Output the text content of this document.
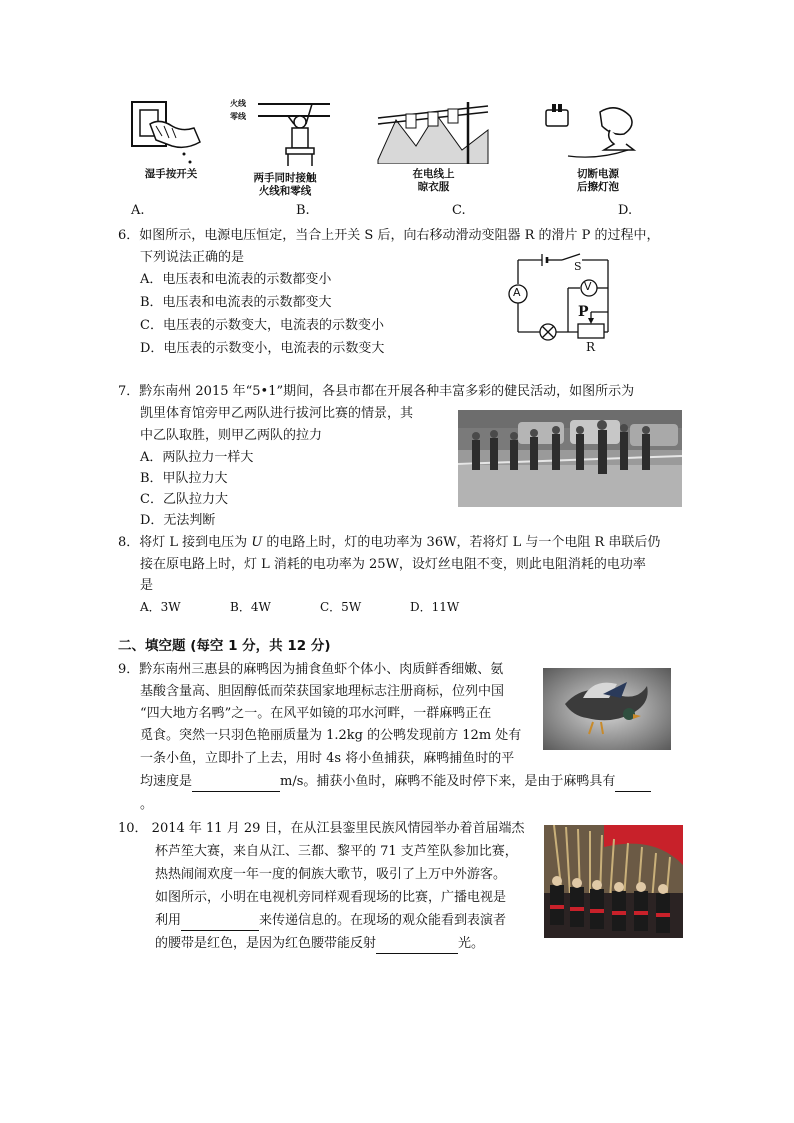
湿手按开关
A.
火线
零线
两手同时接触
火线和零线
B.
在电线上
晾衣服
C.
切断电源
后擦灯泡
D.
6．如图所示，电源电压恒定，当合上开关 S 后，向右移动滑动变阻器 R 的滑片 P 的过程中，
下列说法正确的是
A．电压表和电流表的示数都变小
B．电压表和电流表的示数都变大
C．电压表的示数变大，电流表的示数变小
D．电压表的示数变小，电流表的示数变大
S
A	V
P
R
7．黔东南州 2015 年“5•1”期间，各县市都在开展各种丰富多彩的健民活动，如图所示为
凯里体育馆旁甲乙两队进行拔河比赛的情景，其
中乙队取胜，则甲乙两队的拉力
A．两队拉力一样大
B．甲队拉力大
C．乙队拉力大
D．无法判断
8．将灯 L 接到电压为 U 的电路上时，灯的电功率为 36W，若将灯 L 与一个电阻 R 串联后仍
接在原电路上时，灯 L 消耗的电功率为 25W，设灯丝电阻不变，则此电阻消耗的电功率
是
A．3W	B．4W	C．5W	D．11W
二、填空题 (每空 1 分，共 12 分)
9．黔东南州三惠县的麻鸭因为捕食鱼虾个体小、肉质鲜香细嫩、氨
基酸含量高、胆固醇低而荣获国家地理标志注册商标，位列中国
“四大地方名鸭”之一。在风平如镜的邛水河畔，一群麻鸭正在
觅食。突然一只羽色艳丽质量为 1.2kg 的公鸭发现前方 12m 处有
一条小鱼，立即扑了上去，用时 4s 将小鱼捕获，麻鸭捕鱼时的平
均速度是	m/s。捕获小鱼时，麻鸭不能及时停下来，是由于麻鸭具有
。
10． 2014 年 11 月 29 日，在从江县銮里民族风情园举办着首届端杰
杯芦笙大赛，来自从江、三都、黎平的 71 支芦笙队参加比赛，
热热闹闹欢度一年一度的侗族大歌节，吸引了上万中外游客。
如图所示，小明在电视机旁同样观看现场的比赛，广播电视是
利用	来传递信息的。在现场的观众能看到表演者
的腰带是红色，是因为红色腰带能反射	光。
